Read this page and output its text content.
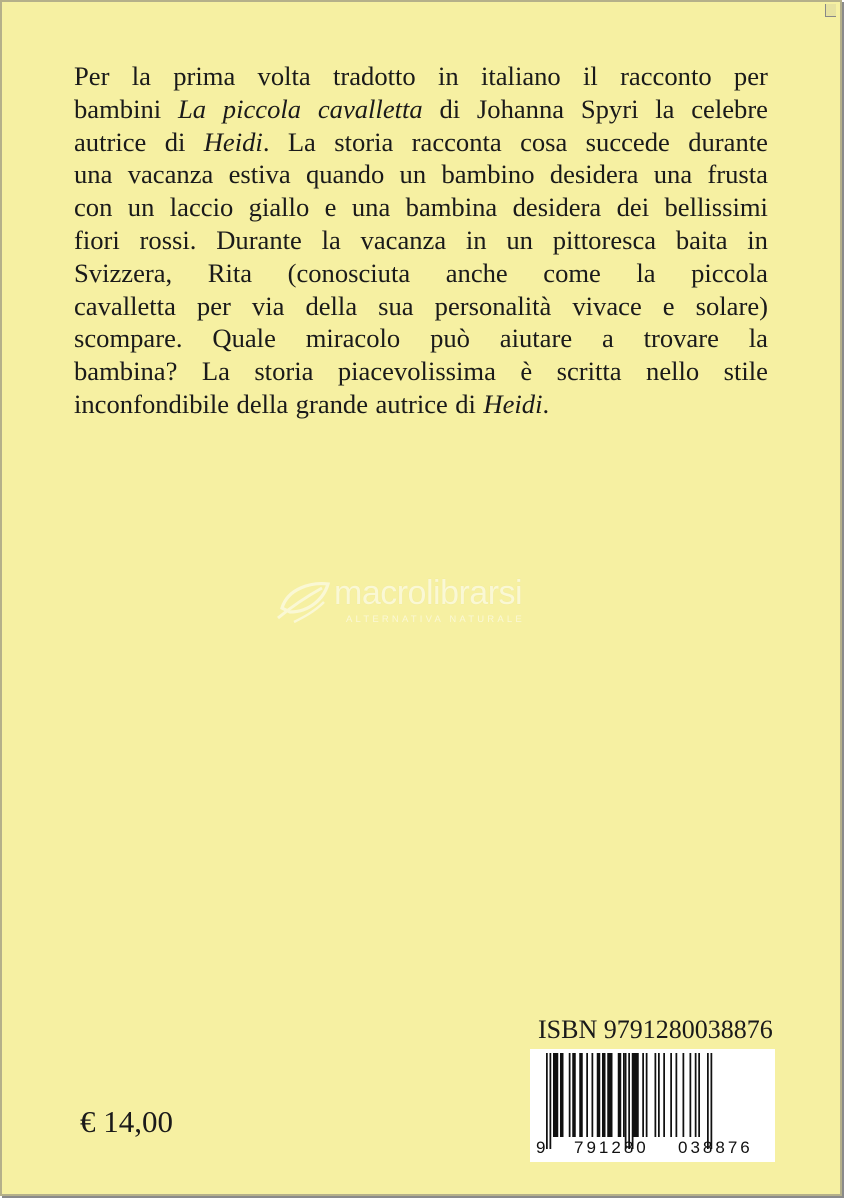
Per la prima volta tradotto in italiano il racconto per
bambini La piccola cavalletta di Johanna Spyri la celebre
autrice di Heidi. La storia racconta cosa succede durante
una vacanza estiva quando un bambino desidera una frusta
con un laccio giallo e una bambina desidera dei bellissimi
fiori rossi. Durante la vacanza in un pittoresca baita in
Svizzera, Rita (conosciuta anche come la piccola
cavalletta per via della sua personalità vivace e solare)
scompare. Quale miracolo può aiutare a trovare la
bambina? La storia piacevolissima è scritta nello stile
inconfondibile della grande autrice di Heidi.
macrolibrarsi
ALTERNATIVA NATURALE
ISBN 9791280038876
9 791280 038876
€ 14,00
